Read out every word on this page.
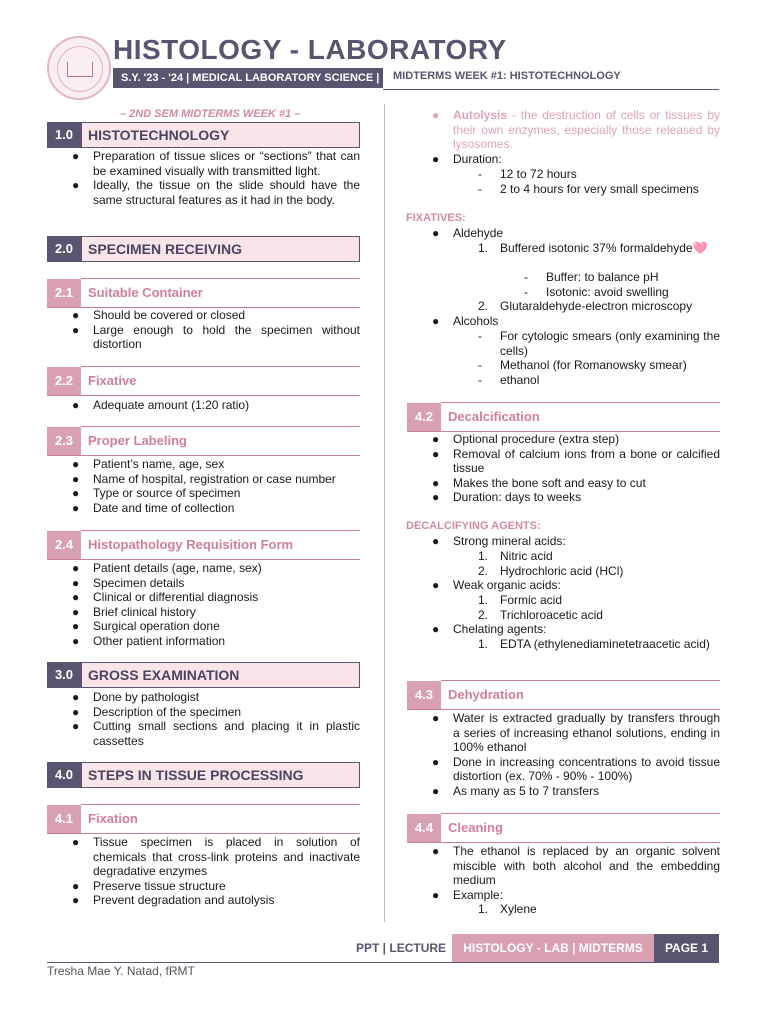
HISTOLOGY - LABORATORY
S.Y. '23 - '24 | MEDICAL LABORATORY SCIENCE |	MIDTERMS WEEK #1: HISTOTECHNOLOGY
– 2ND SEM MIDTERMS WEEK #1 –
1.0	HISTOTECHNOLOGY
● Preparation of tissue slices or “sections” that can be examined visually with transmitted light.
● Ideally, the tissue on the slide should have the same structural features as it had in the body.
2.0	SPECIMEN RECEIVING
2.1	Suitable Container
● Should be covered or closed
● Large enough to hold the specimen without distortion
2.2	Fixative
● Adequate amount (1:20 ratio)
2.3	Proper Labeling
● Patient’s name, age, sex
● Name of hospital, registration or case number
● Type or source of specimen
● Date and time of collection
2.4	Histopathology Requisition Form
● Patient details (age, name, sex)
● Specimen details
● Clinical or differential diagnosis
● Brief clinical history
● Surgical operation done
● Other patient information
3.0	GROSS EXAMINATION
● Done by pathologist
● Description of the specimen
● Cutting small sections and placing it in plastic cassettes
4.0	STEPS IN TISSUE PROCESSING
4.1	Fixation
● Tissue specimen is placed in solution of chemicals that cross-link proteins and inactivate degradative enzymes
● Preserve tissue structure
● Prevent degradation and autolysis
● Autolysis - the destruction of cells or tissues by their own enzymes, especially those released by lysosomes.
● Duration:
- 12 to 72 hours
- 2 to 4 hours for very small specimens
FIXATIVES:
● Aldehyde
1. Buffered isotonic 37% formaldehyde🩷
- Buffer: to balance pH
- Isotonic: avoid swelling
2. Glutaraldehyde-electron microscopy
● Alcohols
- For cytologic smears (only examining the cells)
- Methanol (for Romanowsky smear)
- ethanol
4.2	Decalcification
● Optional procedure (extra step)
● Removal of calcium ions from a bone or calcified tissue
● Makes the bone soft and easy to cut
● Duration: days to weeks
DECALCIFYING AGENTS:
● Strong mineral acids:
1. Nitric acid
2. Hydrochloric acid (HCl)
● Weak organic acids:
1. Formic acid
2. Trichloroacetic acid
● Chelating agents:
1. EDTA (ethylenediaminetetraacetic acid)
4.3	Dehydration
● Water is extracted gradually by transfers through a series of increasing ethanol solutions, ending in 100% ethanol
● Done in increasing concentrations to avoid tissue distortion (ex. 70% - 90% - 100%)
● As many as 5 to 7 transfers
4.4	Cleaning
● The ethanol is replaced by an organic solvent miscible with both alcohol and the embedding medium
● Example:
1. Xylene
PPT | LECTURE	HISTOLOGY - LAB | MIDTERMS	PAGE 1
Tresha Mae Y. Natad, fRMT
